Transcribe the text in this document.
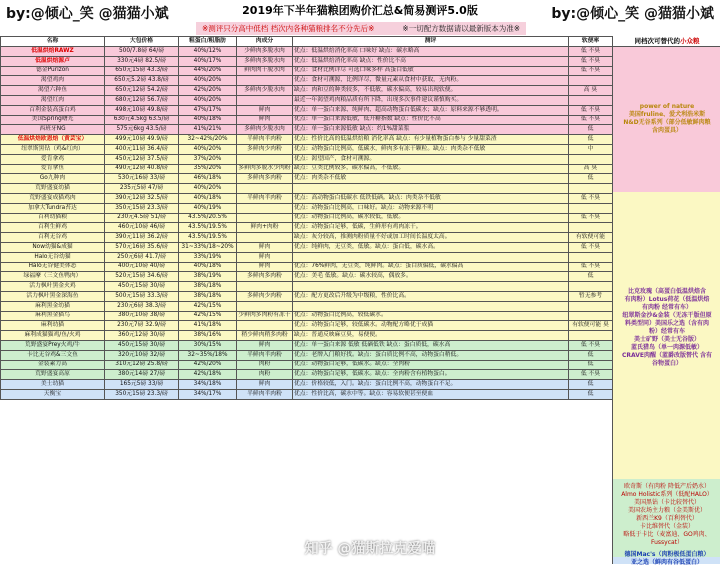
by:@倾心_笑 @猫猫小斌	2019年下半年猫粮团购价汇总&简易测评5.0版	by:@倾心_笑 @猫猫小斌
※测评只分高中低档 档次内各种猫粮排名不分先后※	※一切配方数据请以最新版本为准※
名称	大包价格	粗蛋白/粗脂肪	肉成分	测评	软便率
低温烘焙RAWZ	500/7.8磅 64/磅	40%/12%	少鲜肉多脱水肉	优点：低温烘焙消化率高 口味好 缺点：碳水略高	低 不臭
低温烘焙源卢	330元4磅 82.5/磅	40%/17%	多鲜肉多脱水肉	优点：低温烘焙消化率高 缺点：性价比不高	低 不臭
德金Purizon	650元15磅 43.3/磅	44%/20%	鲜肉肉干脱水肉	优点：食材比例详尽 可选口味多样 高蛋白低敏	低 不臭
渴望鸡肉	650元5.2磅 43.8/磅	40%/20%		优点：食材可溯源，比例详尽，微量元素从食材中获取，无肉粉。	
渴望六种鱼	650元12磅 54.2/磅	42%/20%	多鲜肉少脱水肉	缺点：肉和豆的种类较多，不低敏，碳水偏高，较易出现软便。	高 臭
渴望红肉	680元12磅 56.7/磅	40%/20%		最近一年渴望鸡肉粮品质有所下降，出现多次事件建议谨慎购买。	
百利金装高蛋白鸡	498元10磅 49.8/磅	47%/17%	鲜肉	优点：单一蛋白来源、纯鲜肉、超高动物蛋白低碳水；缺点：原料来源不够透明。	低 不臭
美国Spring曙光	630元4.5kg 63.5/磅	40%/18%	鲜肉	优点：单一蛋白来源低敏，低升糖指数 缺点：性价比不高	低 不臭
西班牙NG	575元6kg 43.5/磅	41%/21%	多鲜肉少脱水肉	优点：单一蛋白来源低敏 缺点：约1%甜菜浆	低
低温烘焙欧恩焙（黄芸宝）	499元10磅 49.9/磅	32~42%/20%	半鲜肉半肉粉	优点：性价比高的低温烘焙粮 消化率高 缺点：有少量植物蛋白参与 少量甜菜渣	低
纽翠斯黑钻（鸡&红肉）	400元11磅 36.4/磅	40%/20%	多鲜肉少肉粉	优点：动物蛋白比例高，低碳水，鲜肉多有冻干颗粒。缺点：肉类杂不低敏	中
爱肯拿鸡	450元12磅 37.5/磅	37%/20%		优点：渴望国产，食材可溯源。	
爱肯拿鱼	490元12磅 40.8/磅	35%/20%	多鲜肉多脱水少肉粉	缺点：豆类比例较多，碳水偏高，不低敏。	高 臭
Go九种肉	530元16磅 33/磅	46%/18%	多鲜肉多肉粉	优点：肉类杂不低敏	低
荒野盛宴幼猫	235元5磅 47/磅	40%/20%			
荒野盛宴成猫鸡肉	390元12磅 32.5/磅	40%/18%	半鲜肉半肉粉	优点：高动物蛋白低碳水 低铁低硒。缺点：肉类杂不低敏	低 不臭
加拿大Tundra苔达	350元15磅 23.3/磅	40%/19%		优点：动物蛋白比例高，口味好。缺点：动物来源不明	
百利幼猫粮	230元4.5磅 51/磅	43.5%/20.5%		优点：动物蛋白比例高，碳水较低，低敏。	低 不臭
百利生鲜鸡	460元10磅 46/磅	43.5%/19.5%	鲜肉+肉粉	优点：动物蛋白足够，低碳，生鲜形有鸡肉冻干。	
百利无谷鸡	390元11磅 36.2/磅	43.5%/19.5%		缺点：灰分较高，推测肉粉质量不好或加工时间长温度太高。	有软便可能
Now幼猫&成猫	570元16磅 35.6/磅	31~33%/18~20%	鲜肉	优点：纯鲜肉，无豆类，低敏。缺点：蛋白低，碳水高。	低 不臭
Halo无谷幼猫	250元6磅 41.7/磅	33%/19%	鲜肉		
Halo无谷健美体态	400元10磅 40/磅	40%/18%	鲜肉	优点：76%鲜肉，无豆类，纯鲜肉。缺点：蛋白质偏低，碳水偏高	低 不臭
绿福摩（三文鱼鸭肉）	520元15磅 34.6/磅	38%/19%	多鲜肉多肉粉	优点：美毛 低敏。缺点：碳水较高，偶放多。	低
活力枫叶黑金火鸡	450元15磅 30/磅	38%/18%			
活力枫叶黑金深海鱼	500元15磅 33.3/磅	38%/18%	多鲜肉少肉粉	优点：配方更改后升级为中级粮，性价比高。	暂无参考
麻利黑金幼猫	230元6磅 38.3/磅	42%/15%			
麻利黑金猫鸟	380元10磅 38/磅	42%/15%	少鲜肉多肉粉有冻干	优点：动物蛋白比例高，较低碳水。	
麻利幼猫	230元7磅 32.9/磅	41%/18%		优点：动物蛋白足够，较低碳水。动物配方略优于成猫	有软便可能 臭
麻利成猫猫鸡/鱼/火鸡	360元12磅 30/磅	38%/16%	稍少鲜肉稍多肉粉	缺点：普通反映麻豆臭，易便便。	
荒野盛宴Prey火鸡/牛	450元15磅 30/磅	30%/15%	鲜肉	优点：单一蛋白来源 低敏 低硒低铁 缺点：蛋白质低，碳水高	低 不臭
卡比无谷鸡&三文鱼	320元10磅 32/磅	32~35%/18%	半鲜肉半肉粉	优点：老牌入门粮好找。缺点：蛋白质比例不高，动物蛋白稍低。	低
金装素力高	310元12磅 25.8/磅	42%/20%	肉粉	优点：动物蛋白足够，低碳水。缺点：全肉粉	低
荒野盛宴高原	380元14磅 27/磅	42%/18%	肉粉	优点：动物蛋白足够，低碳水。缺点：全肉粉含有植物蛋白。	低 不臭
美士幼猫	165元5磅 33/磅	34%/18%	鲜肉	优点：价格较低，入门。缺点：蛋白比例不高，动物蛋白不足。	低
天衡宝	350元15磅 23.3/磅	34%/17%	半鲜肉半肉粉	优点：性价比高，碳水中等。缺点：容易软便甚至便血	低
同档次可替代的小众粮
power of nature
美国fruline、爱犬利浩米斯
N&D无谷系列（部分低敏鲜肉粮
含肉蛋具）
比克玫瑰（高蛋白低温烘焙含
有肉粉）Lotus荷花（低温烘焙
有肉粉 经常有车）
纽翠斯金沙&金装（无冻干版但原
料类型同）美国乐之选（含有肉
粉）经常有车
美士矿野（美士无谷版）
蓝氏猎鸟（单一肉源低敏）
CRAVE肉醒（蓝爵改版替代 含有
谷物蛋白）
欧奇斯（有肉粉 降低产后奶水）
Almo Holistic系列（低配HALO）
美国黑钻（卡比较替代）
美国农场主力粮（金美斯优）
新西兰K9（百利替代）
卡比维替代（金装）
略低于卡比（麦富迪、GO鸡肉、
Fussycat）
德国Mac's（肉粉极低蛋白粮）
亚之选（鲜肉有谷低蛋白）
知乎 @猫斯拉克爱喵
